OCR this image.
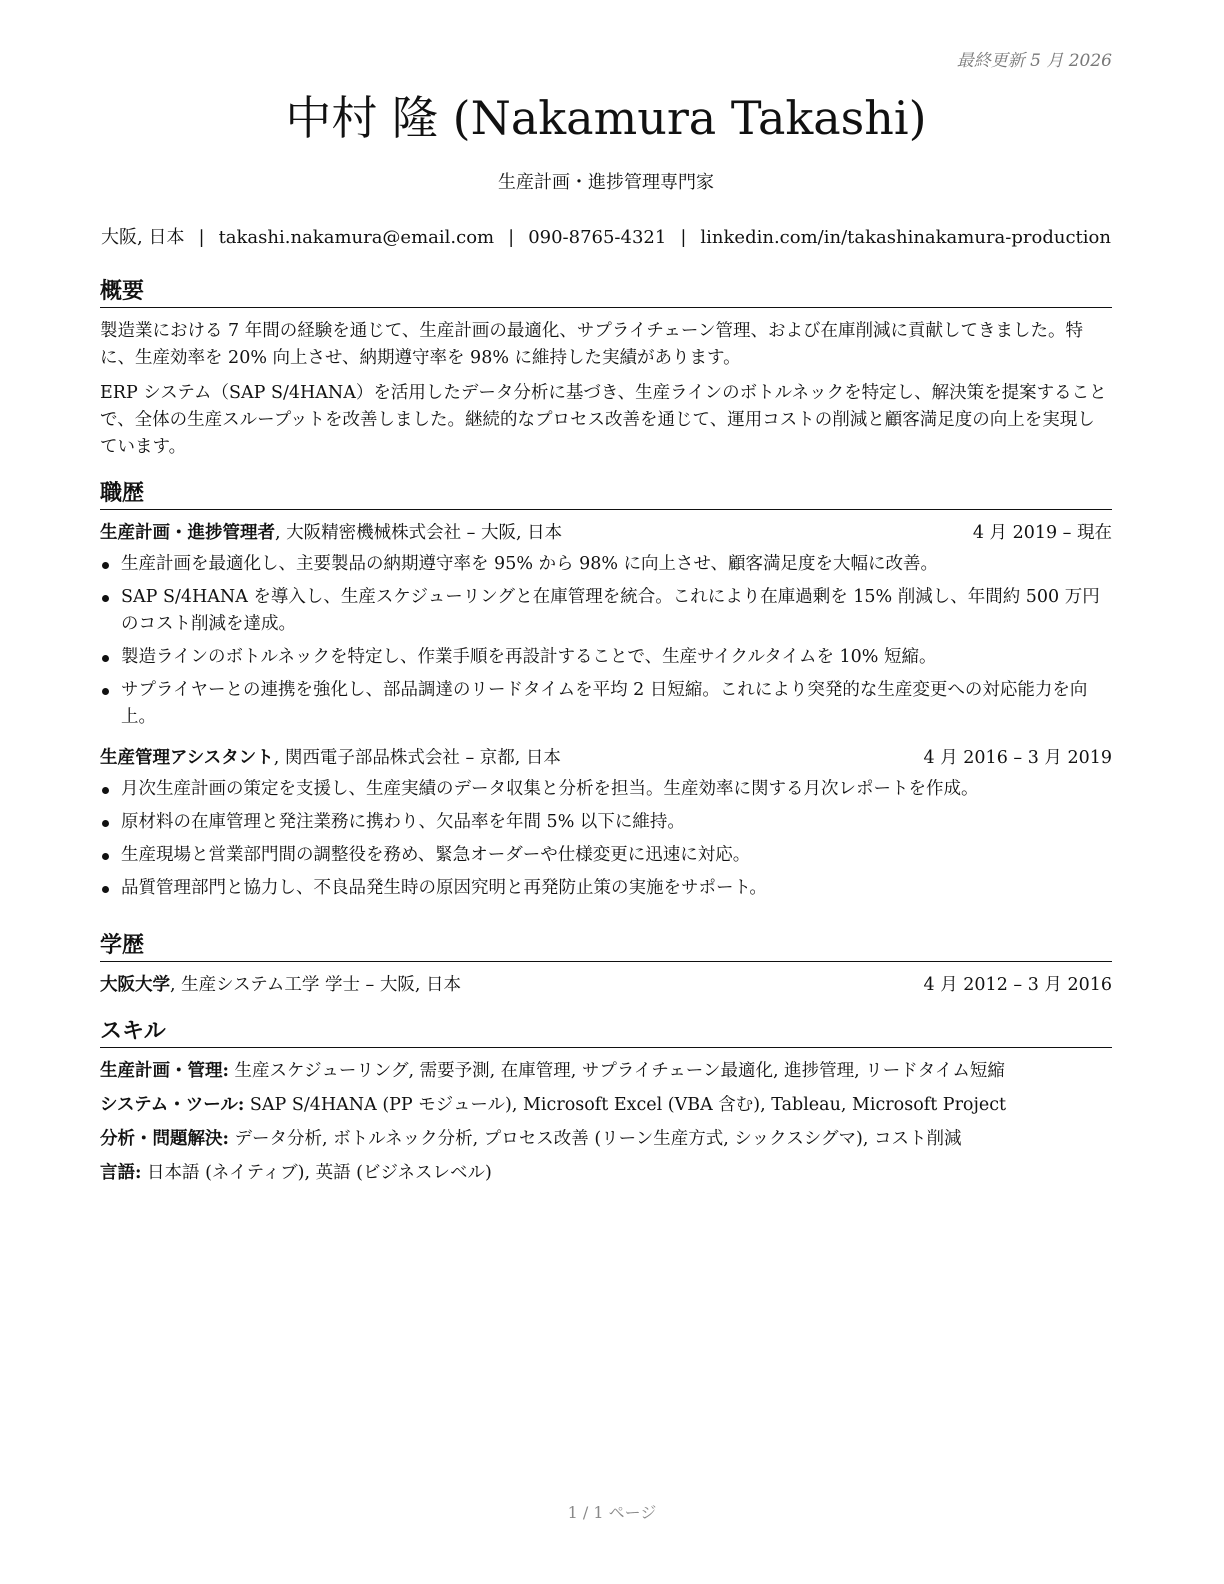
最終更新 5 月 2026
中村 隆 (Nakamura Takashi)
生産計画・進捗管理専門家
大阪, 日本 | takashi.nakamura@email.com | 090-8765-4321 | linkedin.com/in/takashinakamura-production
概要

製造業における 7 年間の経験を通じて、生産計画の最適化、サプライチェーン管理、および在庫削減に貢献してきました。特に、生産効率を 20% 向上させ、納期遵守率を 98% に維持した実績があります。

ERP システム（SAP S/4HANA）を活用したデータ分析に基づき、生産ラインのボトルネックを特定し、解決策を提案することで、全体の生産スループットを改善しました。継続的なプロセス改善を通じて、運用コストの削減と顧客満足度の向上を実現しています。

職歴
生産計画・進捗管理者, 大阪精密機械株式会社 – 大阪, 日本	4 月 2019 – 現在
生産計画を最適化し、主要製品の納期遵守率を 95% から 98% に向上させ、顧客満足度を大幅に改善。
SAP S/4HANA を導入し、生産スケジューリングと在庫管理を統合。これにより在庫過剰を 15% 削減し、年間約 500 万円のコスト削減を達成。
製造ラインのボトルネックを特定し、作業手順を再設計することで、生産サイクルタイムを 10% 短縮。
サプライヤーとの連携を強化し、部品調達のリードタイムを平均 2 日短縮。これにより突発的な生産変更への対応能力を向上。
生産管理アシスタント, 関西電子部品株式会社 – 京都, 日本	4 月 2016 – 3 月 2019
月次生産計画の策定を支援し、生産実績のデータ収集と分析を担当。生産効率に関する月次レポートを作成。
原材料の在庫管理と発注業務に携わり、欠品率を年間 5% 以下に維持。
生産現場と営業部門間の調整役を務め、緊急オーダーや仕様変更に迅速に対応。
品質管理部門と協力し、不良品発生時の原因究明と再発防止策の実施をサポート。
学歴
大阪大学, 生産システム工学 学士 – 大阪, 日本	4 月 2012 – 3 月 2016
スキル
生産計画・管理: 生産スケジューリング, 需要予測, 在庫管理, サプライチェーン最適化, 進捗管理, リードタイム短縮
システム・ツール: SAP S/4HANA (PP モジュール), Microsoft Excel (VBA 含む), Tableau, Microsoft Project
分析・問題解決: データ分析, ボトルネック分析, プロセス改善 (リーン生産方式, シックスシグマ), コスト削減
言語: 日本語 (ネイティブ), 英語 (ビジネスレベル)
1 / 1 ページ
